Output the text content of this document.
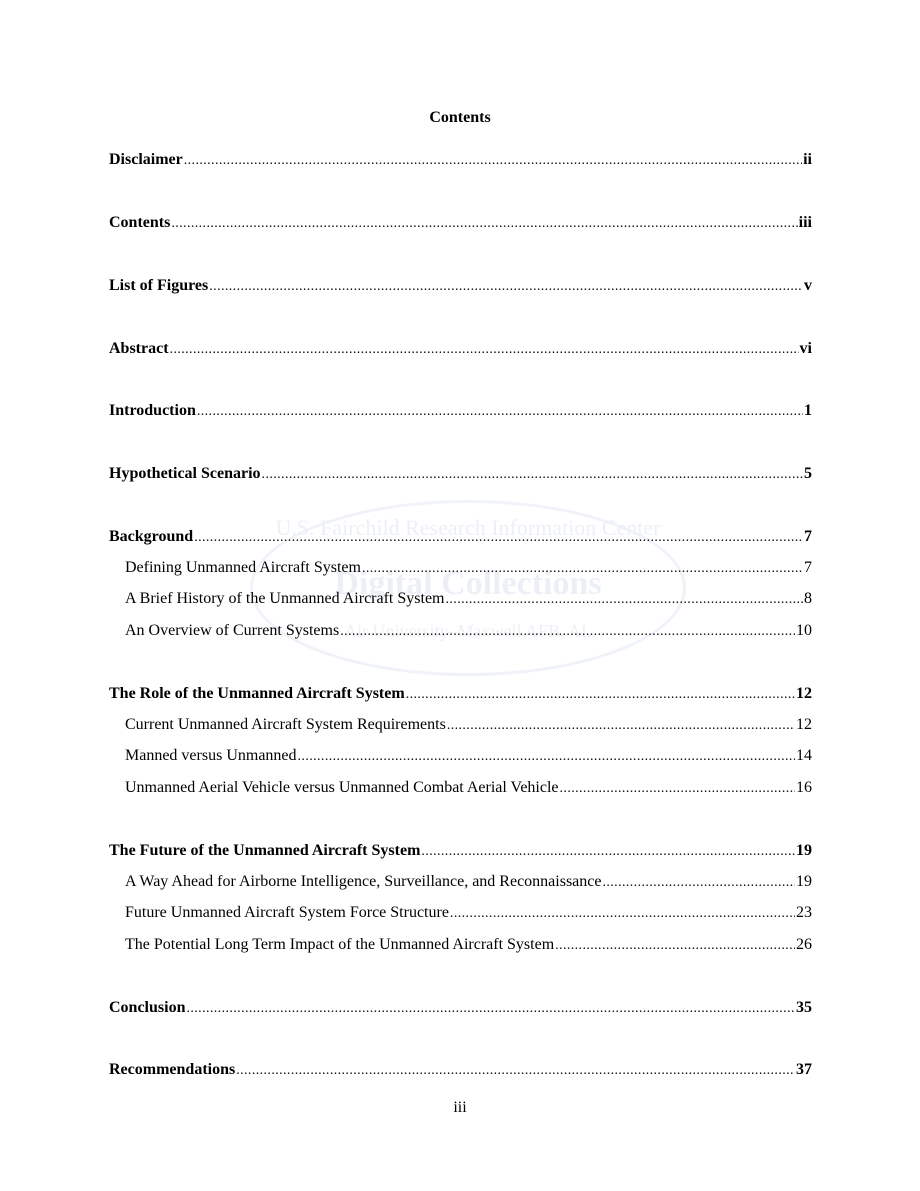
U.S. Fairchild Research Information Center
Digital Collections
Air University–Maxwell AFB, AL
Contents
Disclaimer .....	ii
Contents .....	iii
List of Figures .....	v
Abstract .....	vi
Introduction .....	1
Hypothetical Scenario .....	5
Background .....	7
Defining Unmanned Aircraft System .....	7
A Brief History of the Unmanned Aircraft System .....	8
An Overview of Current Systems .....	10
The Role of the Unmanned Aircraft System .....	12
Current Unmanned Aircraft System Requirements .....	12
Manned versus Unmanned .....	14
Unmanned Aerial Vehicle versus Unmanned Combat Aerial Vehicle .....	16
The Future of the Unmanned Aircraft System .....	19
A Way Ahead for Airborne Intelligence, Surveillance, and Reconnaissance .....	19
Future Unmanned Aircraft System Force Structure .....	23
The Potential Long Term Impact of the Unmanned Aircraft System .....	26
Conclusion .....	35
Recommendations .....	37
iii
